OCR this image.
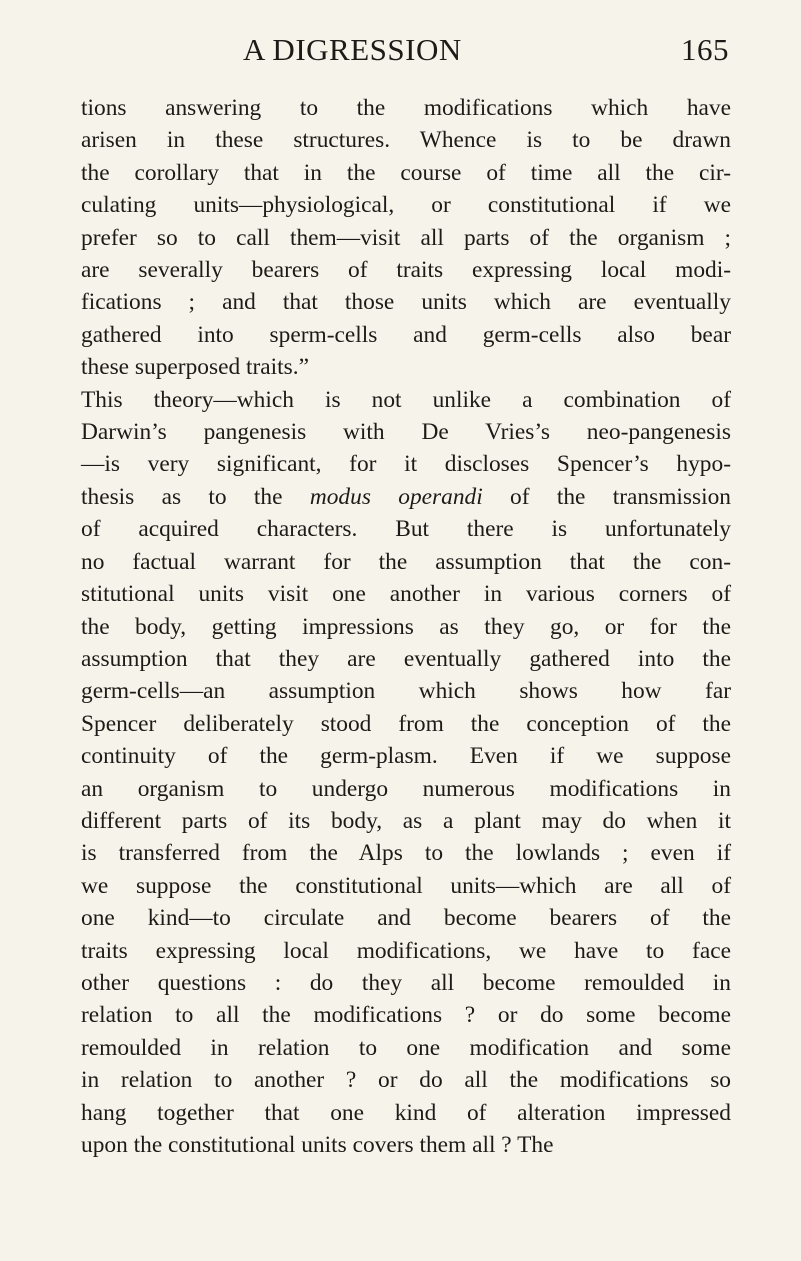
A DIGRESSION	165
tions answering to the modifications which have
arisen in these structures. Whence is to be drawn
the corollary that in the course of time all the cir-
culating units—physiological, or constitutional if we
prefer so to call them—visit all parts of the organism ;
are severally bearers of traits expressing local modi-
fications ; and that those units which are eventually
gathered into sperm-cells and germ-cells also bear
these superposed traits.”
This theory—which is not unlike a combination of
Darwin’s pangenesis with De Vries’s neo-pangenesis
—is very significant, for it discloses Spencer’s hypo-
thesis as to the modus operandi of the transmission
of acquired characters. But there is unfortunately
no factual warrant for the assumption that the con-
stitutional units visit one another in various corners of
the body, getting impressions as they go, or for the
assumption that they are eventually gathered into the
germ-cells—an assumption which shows how far
Spencer deliberately stood from the conception of the
continuity of the germ-plasm. Even if we suppose
an organism to undergo numerous modifications in
different parts of its body, as a plant may do when it
is transferred from the Alps to the lowlands ; even if
we suppose the constitutional units—which are all of
one kind—to circulate and become bearers of the
traits expressing local modifications, we have to face
other questions : do they all become remoulded in
relation to all the modifications ? or do some become
remoulded in relation to one modification and some
in relation to another ? or do all the modifications so
hang together that one kind of alteration impressed
upon the constitutional units covers them all ? The
